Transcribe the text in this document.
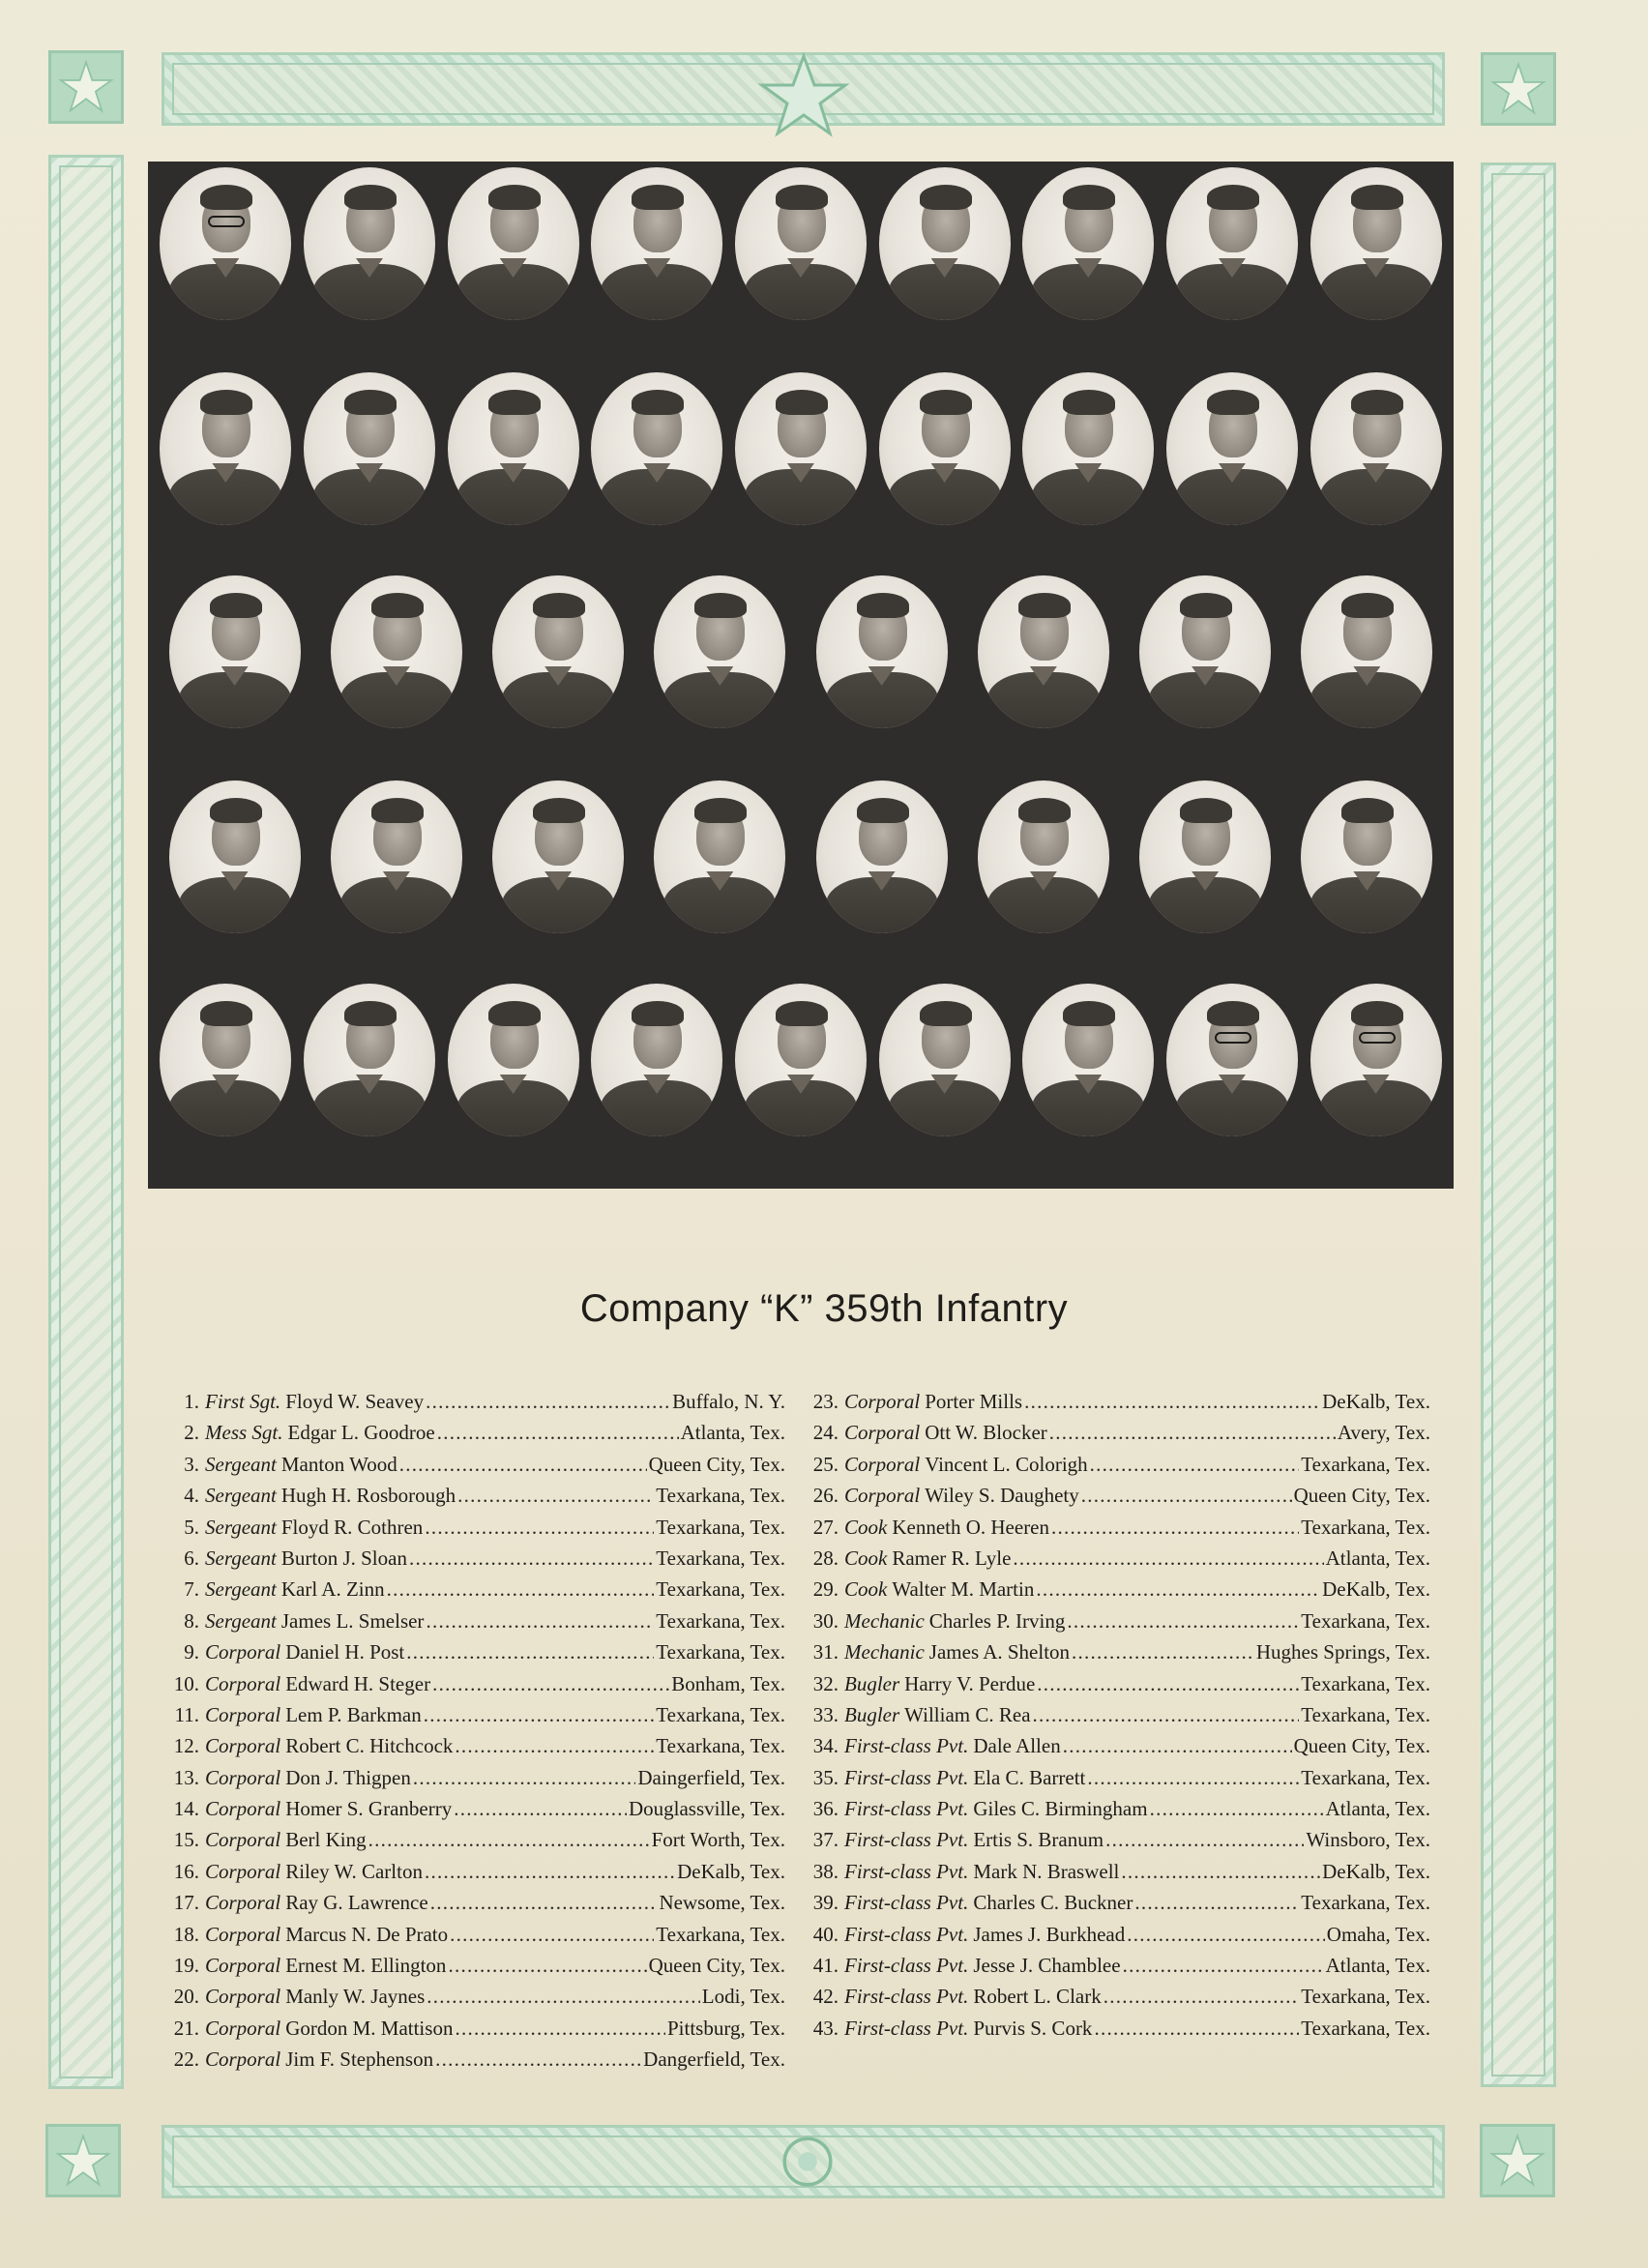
Company “K” 359th Infantry
1. First Sgt. Floyd W. Seavey . . .	Buffalo, N. Y.
2. Mess Sgt. Edgar L. Goodroe . . .	Atlanta, Tex.
3. Sergeant Manton Wood . . .	Queen City, Tex.
4. Sergeant Hugh H. Rosborough . . .	Texarkana, Tex.
5. Sergeant Floyd R. Cothren . . .	Texarkana, Tex.
6. Sergeant Burton J. Sloan . . .	Texarkana, Tex.
7. Sergeant Karl A. Zinn . . .	Texarkana, Tex.
8. Sergeant James L. Smelser . . .	Texarkana, Tex.
9. Corporal Daniel H. Post . . .	Texarkana, Tex.
10. Corporal Edward H. Steger . . .	Bonham, Tex.
11. Corporal Lem P. Barkman . . .	Texarkana, Tex.
12. Corporal Robert C. Hitchcock . . .	Texarkana, Tex.
13. Corporal Don J. Thigpen . . .	Daingerfield, Tex.
14. Corporal Homer S. Granberry . . .	Douglassville, Tex.
15. Corporal Berl King . . .	Fort Worth, Tex.
16. Corporal Riley W. Carlton . . .	DeKalb, Tex.
17. Corporal Ray G. Lawrence . . .	Newsome, Tex.
18. Corporal Marcus N. De Prato . . .	Texarkana, Tex.
19. Corporal Ernest M. Ellington . . .	Queen City, Tex.
20. Corporal Manly W. Jaynes . . .	Lodi, Tex.
21. Corporal Gordon M. Mattison . . .	Pittsburg, Tex.
22. Corporal Jim F. Stephenson . . .	Dangerfield, Tex.
23. Corporal Porter Mills . . .	DeKalb, Tex.
24. Corporal Ott W. Blocker . . .	Avery, Tex.
25. Corporal Vincent L. Colorigh . . .	Texarkana, Tex.
26. Corporal Wiley S. Daughety . . .	Queen City, Tex.
27. Cook Kenneth O. Heeren . . .	Texarkana, Tex.
28. Cook Ramer R. Lyle . . .	Atlanta, Tex.
29. Cook Walter M. Martin . . .	DeKalb, Tex.
30. Mechanic Charles P. Irving . . .	Texarkana, Tex.
31. Mechanic James A. Shelton . . .	Hughes Springs, Tex.
32. Bugler Harry V. Perdue . . .	Texarkana, Tex.
33. Bugler William C. Rea . . .	Texarkana, Tex.
34. First-class Pvt. Dale Allen . . .	Queen City, Tex.
35. First-class Pvt. Ela C. Barrett . . .	Texarkana, Tex.
36. First-class Pvt. Giles C. Birmingham . . .	Atlanta, Tex.
37. First-class Pvt. Ertis S. Branum . . .	Winsboro, Tex.
38. First-class Pvt. Mark N. Braswell . . .	DeKalb, Tex.
39. First-class Pvt. Charles C. Buckner . . .	Texarkana, Tex.
40. First-class Pvt. James J. Burkhead . . .	Omaha, Tex.
41. First-class Pvt. Jesse J. Chamblee . . .	Atlanta, Tex.
42. First-class Pvt. Robert L. Clark . . .	Texarkana, Tex.
43. First-class Pvt. Purvis S. Cork . . .	Texarkana, Tex.
